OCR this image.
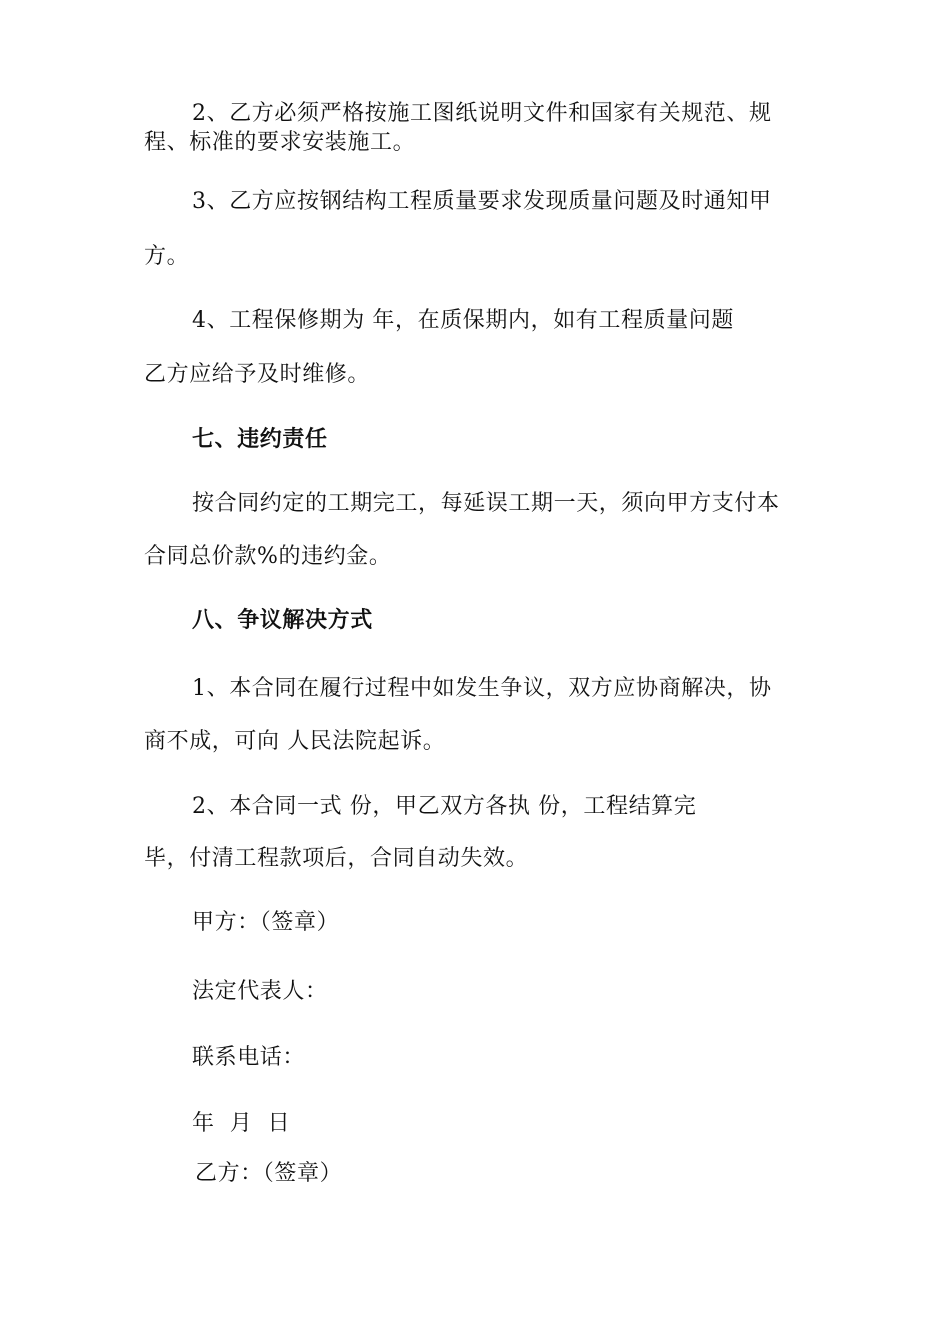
2、乙方必须严格按施工图纸说明文件和国家有关规范、规
程、标准的要求安装施工。
3、乙方应按钢结构工程质量要求发现质量问题及时通知甲
方。
4、工程保修期为 年，在质保期内，如有工程质量问题
乙方应给予及时维修。
七、违约责任
按合同约定的工期完工，每延误工期一天，须向甲方支付本
合同总价款%的违约金。
八、争议解决方式
1、本合同在履行过程中如发生争议，双方应协商解决，协
商不成，可向 人民法院起诉。
2、本合同一式 份，甲乙双方各执 份，工程结算完
毕，付清工程款项后，合同自动失效。
甲方：（签章）
法定代表人：
联系电话：
年  月  日
乙方：（签章）
